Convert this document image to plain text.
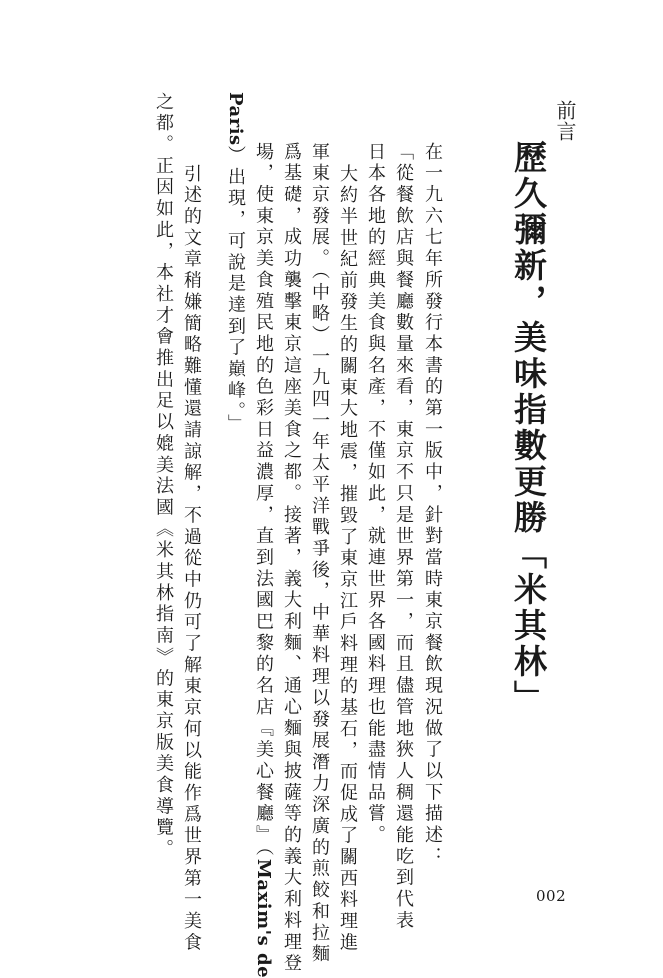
前言

歷久彌新，美味指數更勝「米其林」

在一九六七年所發行本書的第一版中，針對當時東京餐飲現況做了以下描述：

「從餐飲店與餐廳數量來看，東京不只是世界第一，而且儘管地狹人稠還能吃到代表

日本各地的經典美食與名產，不僅如此，就連世界各國料理也能盡情品嘗。

大約半世紀前發生的關東大地震，摧毀了東京江戶料理的基石，而促成了關西料理進

軍東京發展。（中略）一九四一年太平洋戰爭後，中華料理以發展潛力深廣的煎餃和拉麵

爲基礎，成功襲擊東京這座美食之都。接著，義大利麵、通心麵與披薩等的義大利料理登

場，使東京美食殖民地的色彩日益濃厚，直到法國巴黎的名店『美心餐廳』（Maxim's de

Paris）出現，可說是達到了巔峰。」

引述的文章稍嫌簡略難懂還請諒解，不過從中仍可了解東京何以能作爲世界第一美食

之都。正因如此，本社才會推出足以媲美法國《米其林指南》的東京版美食導覽。

002
